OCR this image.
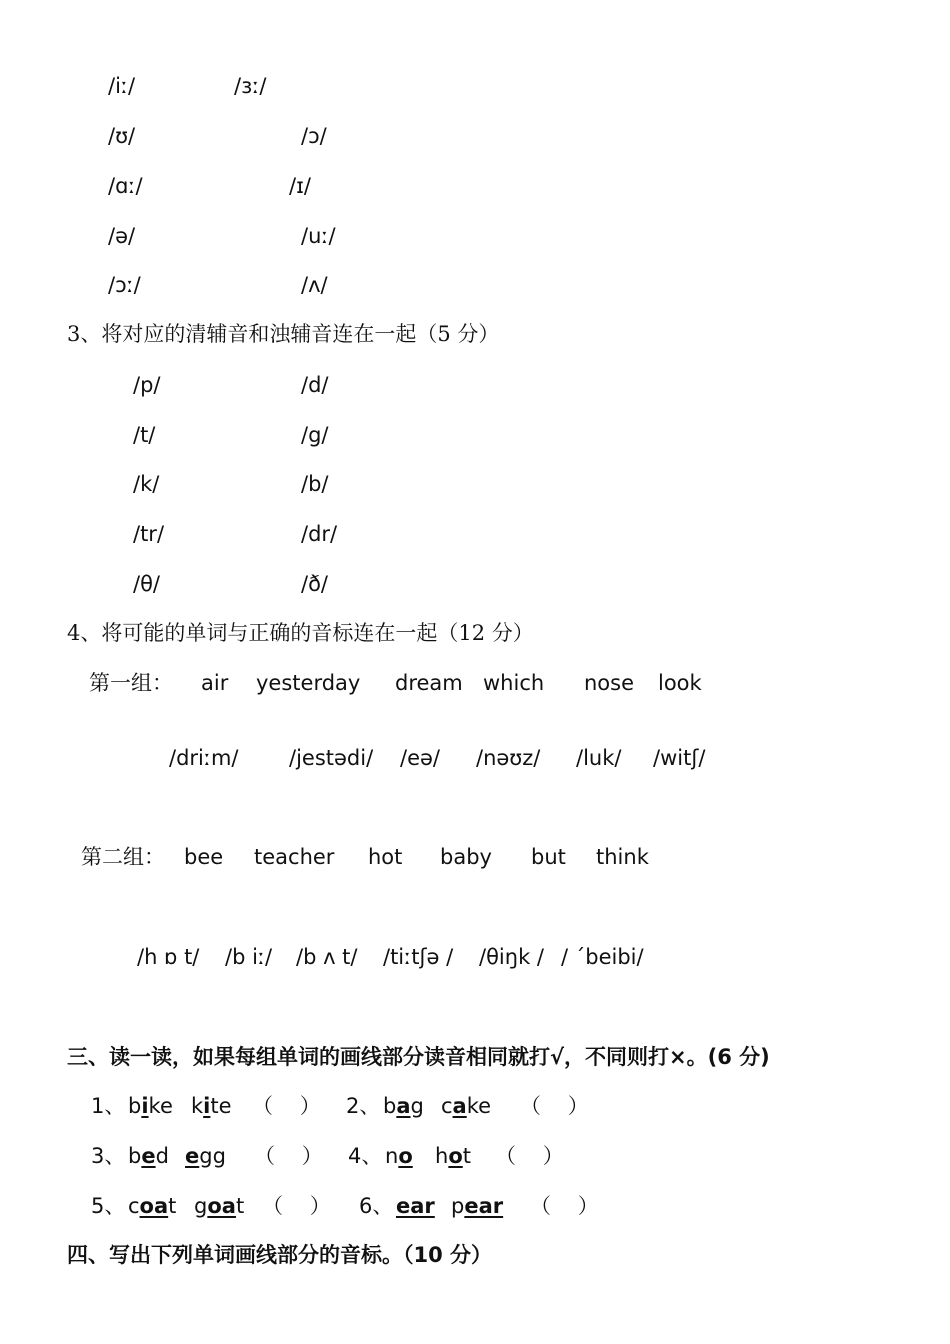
/iː/	/ɜː/
/ʊ/	/ɔ/
/ɑː/	/ɪ/
/ə/	/uː/
/ɔː/	/ʌ/
3、将对应的清辅音和浊辅音连在一起（5 分）
/p/	/d/
/t/	/g/
/k/	/b/
/tr/	/dr/
/θ/	/ð/
4、将可能的单词与正确的音标连在一起（12 分）
第一组： air yesterday dream which nose look
/driːm/ /jestədi/ /eə/ /nəʊz/ /luk/ /witʃ/
第二组： bee teacher hot baby but think
/h ɒ t/ /b iː/ /b ʌ t/ /tiːtʃə / /θiŋk / / ˊbeibi/
三、读一读，如果每组单词的画线部分读音相同就打√，不同则打×。(6 分)
1、 bike kite （    ） 2、 bag cake （    ）
3、 bed egg （    ） 4、 no hot （    ）
5、 coat goat （    ） 6、 ear pear （    ）
四、写出下列单词画线部分的音标。（10 分）
